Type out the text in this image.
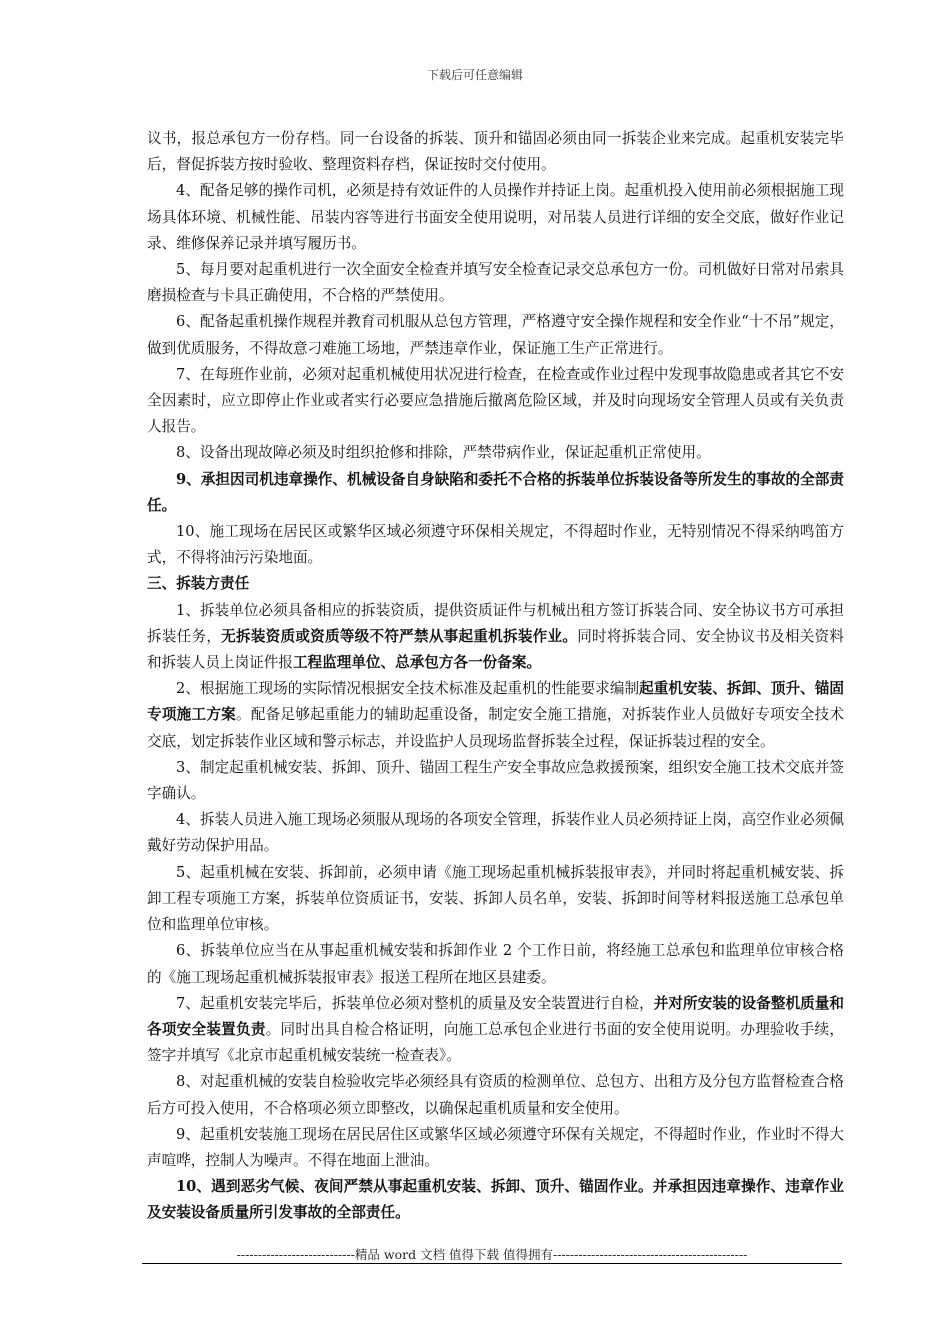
下载后可任意编辑

议书，报总承包方一份存档。同一台设备的拆装、顶升和锚固必须由同一拆装企业来完成。起重机安装完毕后，督促拆装方按时验收、整理资料存档，保证按时交付使用。

4、配备足够的操作司机，必须是持有效证件的人员操作并持证上岗。起重机投入使用前必须根据施工现场具体环境、机械性能、吊装内容等进行书面安全使用说明，对吊装人员进行详细的安全交底，做好作业记录、维修保养记录并填写履历书。

5、每月要对起重机进行一次全面安全检查并填写安全检查记录交总承包方一份。司机做好日常对吊索具磨损检查与卡具正确使用，不合格的严禁使用。

6、配备起重机操作规程并教育司机服从总包方管理，严格遵守安全操作规程和安全作业“十不吊”规定，做到优质服务，不得故意刁难施工场地，严禁违章作业，保证施工生产正常进行。

7、在每班作业前，必须对起重机械使用状况进行检查，在检查或作业过程中发现事故隐患或者其它不安全因素时，应立即停止作业或者实行必要应急措施后撤离危险区域，并及时向现场安全管理人员或有关负责人报告。

8、设备出现故障必须及时组织抢修和排除，严禁带病作业，保证起重机正常使用。

9、承担因司机违章操作、机械设备自身缺陷和委托不合格的拆装单位拆装设备等所发生的事故的全部责任。

10、施工现场在居民区或繁华区域必须遵守环保相关规定，不得超时作业，无特别情况不得采纳鸣笛方式，不得将油污污染地面。

三、拆装方责任

1、拆装单位必须具备相应的拆装资质，提供资质证件与机械出租方签订拆装合同、安全协议书方可承担拆装任务，无拆装资质或资质等级不符严禁从事起重机拆装作业。同时将拆装合同、安全协议书及相关资料和拆装人员上岗证件报工程监理单位、总承包方各一份备案。

2、根据施工现场的实际情况根据安全技术标准及起重机的性能要求编制起重机安装、拆卸、顶升、锚固专项施工方案。配备足够起重能力的辅助起重设备，制定安全施工措施，对拆装作业人员做好专项安全技术交底，划定拆装作业区域和警示标志，并设监护人员现场监督拆装全过程，保证拆装过程的安全。

3、制定起重机械安装、拆卸、顶升、锚固工程生产安全事故应急救援预案，组织安全施工技术交底并签字确认。

4、拆装人员进入施工现场必须服从现场的各项安全管理，拆装作业人员必须持证上岗，高空作业必须佩戴好劳动保护用品。

5、起重机械在安装、拆卸前，必须申请《施工现场起重机械拆装报审表》，并同时将起重机械安装、拆卸工程专项施工方案，拆装单位资质证书，安装、拆卸人员名单，安装、拆卸时间等材料报送施工总承包单位和监理单位审核。

6、拆装单位应当在从事起重机械安装和拆卸作业 2 个工作日前，将经施工总承包和监理单位审核合格的《施工现场起重机械拆装报审表》报送工程所在地区县建委。

7、起重机安装完毕后，拆装单位必须对整机的质量及安全装置进行自检，并对所安装的设备整机质量和各项安全装置负责。同时出具自检合格证明，向施工总承包企业进行书面的安全使用说明。办理验收手续，签字并填写《北京市起重机械安装统一检查表》。

8、对起重机械的安装自检验收完毕必须经具有资质的检测单位、总包方、出租方及分包方监督检查合格后方可投入使用，不合格项必须立即整改，以确保起重机质量和安全使用。

9、起重机安装施工现场在居民居住区或繁华区域必须遵守环保有关规定，不得超时作业，作业时不得大声喧哗，控制人为噪声。不得在地面上泄油。

10、遇到恶劣气候、夜间严禁从事起重机安装、拆卸、顶升、锚固作业。并承担因违章操作、违章作业及安装设备质量所引发事故的全部责任。

----------------------------精品 word 文档 值得下载 值得拥有----------------------------------------------
